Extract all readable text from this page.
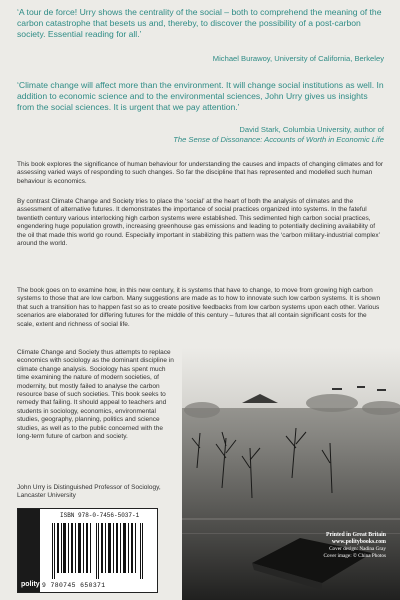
‘A tour de force! Urry shows the centrality of the social – both to comprehend the meaning of the carbon catastrophe that besets us and, thereby, to discover the possibility of a post-carbon society. Essential reading for all.’

Michael Burawoy, University of California, Berkeley

‘Climate change will affect more than the environment. It will change social institutions as well. In addition to economic science and to the environmental sciences, John Urry gives us insights from the social sciences. It is urgent that we pay attention.’

David Stark, Columbia University, author of
The Sense of Dissonance: Accounts of Worth in Economic Life

This book explores the significance of human behaviour for understanding the causes and impacts of changing climates and for assessing varied ways of responding to such changes. So far the discipline that has represented and modelled such human behaviour is economics.

By contrast Climate Change and Society tries to place the ‘social’ at the heart of both the analysis of climates and the assessment of alternative futures. It demonstrates the importance of social practices organized into systems. In the fateful twentieth century various interlocking high carbon systems were established. This sedimented high carbon social practices, engendering huge population growth, increasing greenhouse gas emissions and leading to potentially declining availability of the oil that made this world go round. Especially important in stabilizing this pattern was the ‘carbon military-industrial complex’ around the world.

The book goes on to examine how, in this new century, it is systems that have to change, to move from growing high carbon systems to those that are low carbon. Many suggestions are made as to how to innovate such low carbon systems. It is shown that such a transition has to happen fast so as to create positive feedbacks from low carbon systems upon each other. Various scenarios are elaborated for differing futures for the middle of this century – futures that all contain significant costs for the scale, extent and richness of social life.

Climate Change and Society thus attempts to replace economics with sociology as the dominant discipline in climate change analysis. Sociology has spent much time examining the nature of modern societies, of modernity, but mostly failed to analyse the carbon resource base of such societies. This book seeks to remedy that failing. It should appeal to teachers and students in sociology, economics, environmental studies, geography, planning, politics and science studies, as well as to the public concerned with the long-term future of carbon and society.

John Urry is Distinguished Professor of Sociology, Lancaster University

polity
ISBN 978-0-7456-5037-1
9 780745 650371
Printed in Great Britain
www.politybooks.com
Cover design: Nadina Gray
Cover image: © China Photos
